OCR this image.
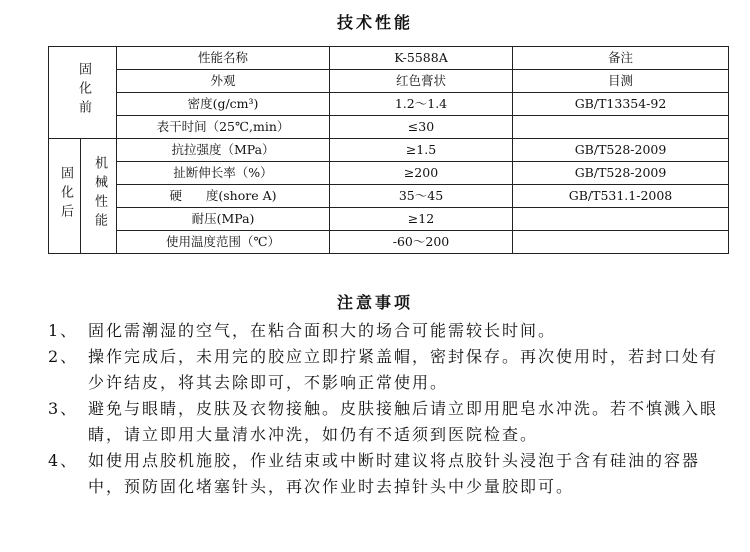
技术性能
固化前		性能名称	K-5588A	备注
		外观	红色膏状	目测
		密度(g/cm³)	1.2～1.4	GB/T13354-92
		表干时间（25℃,min）	≤30	
固化后	机械性能	抗拉强度（MPa）	≥1.5	GB/T528-2009
		扯断伸长率（%）	≥200	GB/T528-2009
		硬      度(shore A)	35～45	GB/T531.1-2008
		耐压(MPa)	≥12	
		使用温度范围（℃）	-60～200	
注意事项

1、 固化需潮湿的空气，在粘合面积大的场合可能需较长时间。

2、 操作完成后，未用完的胶应立即拧紧盖帽，密封保存。再次使用时，若封口处有少许结皮，将其去除即可，不影响正常使用。

3、 避免与眼睛，皮肤及衣物接触。皮肤接触后请立即用肥皂水冲洗。若不慎溅入眼睛，请立即用大量清水冲洗，如仍有不适须到医院检查。

4、 如使用点胶机施胶，作业结束或中断时建议将点胶针头浸泡于含有硅油的容器中，预防固化堵塞针头，再次作业时去掉针头中少量胶即可。
